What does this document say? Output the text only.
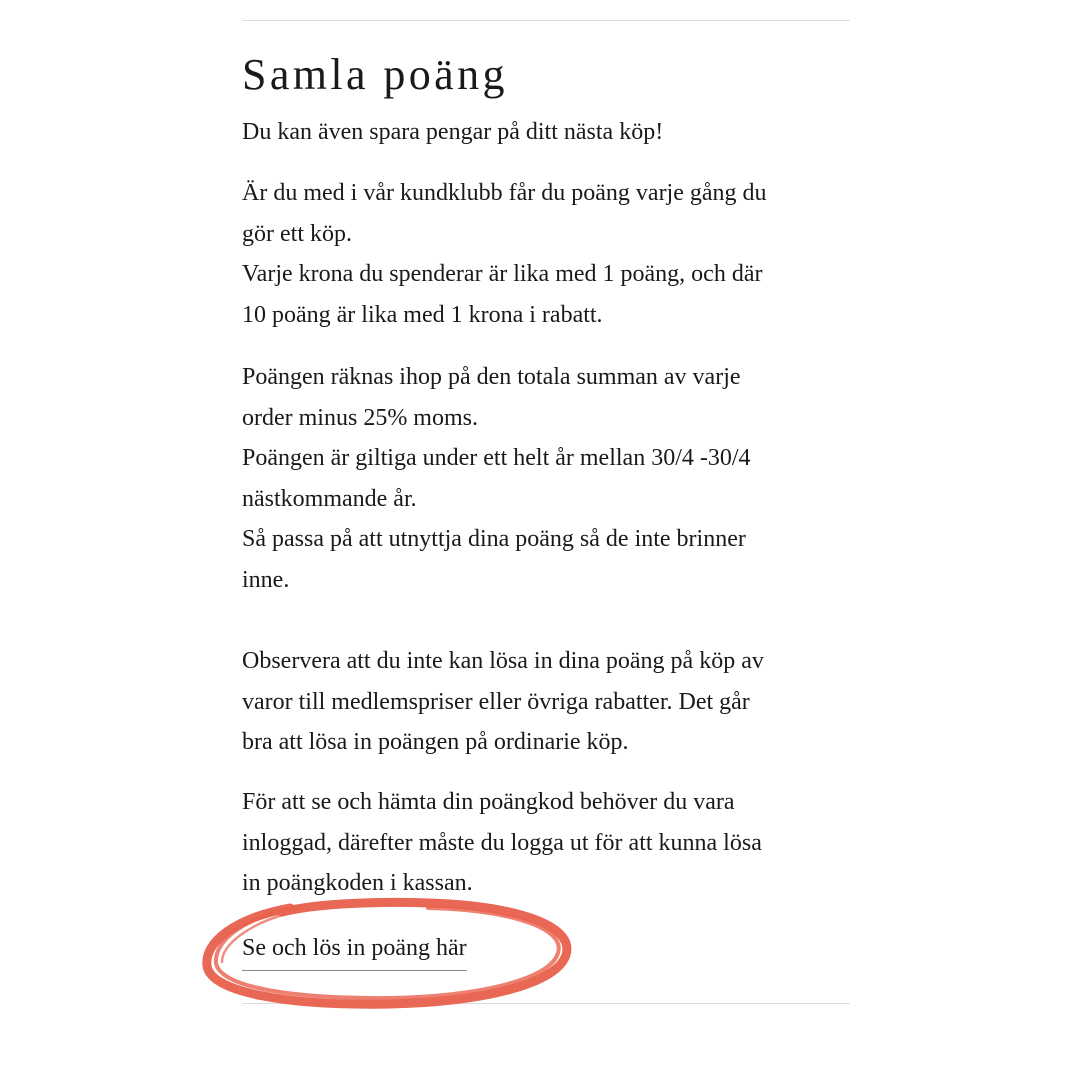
Samla poäng

Du kan även spara pengar på ditt nästa köp!

Är du med i vår kundklubb får du poäng varje gång du
gör ett köp.
Varje krona du spenderar är lika med 1 poäng, och där
10 poäng är lika med 1 krona i rabatt.

Poängen räknas ihop på den totala summan av varje
order minus 25% moms.
Poängen är giltiga under ett helt år mellan 30/4 -30/4
nästkommande år.
Så passa på att utnyttja dina poäng så de inte brinner
inne.

Observera att du inte kan lösa in dina poäng på köp av
varor till medlemspriser eller övriga rabatter. Det går
bra att lösa in poängen på ordinarie köp.

För att se och hämta din poängkod behöver du vara
inloggad, därefter måste du logga ut för att kunna lösa
in poängkoden i kassan.

Se och lös in poäng här
